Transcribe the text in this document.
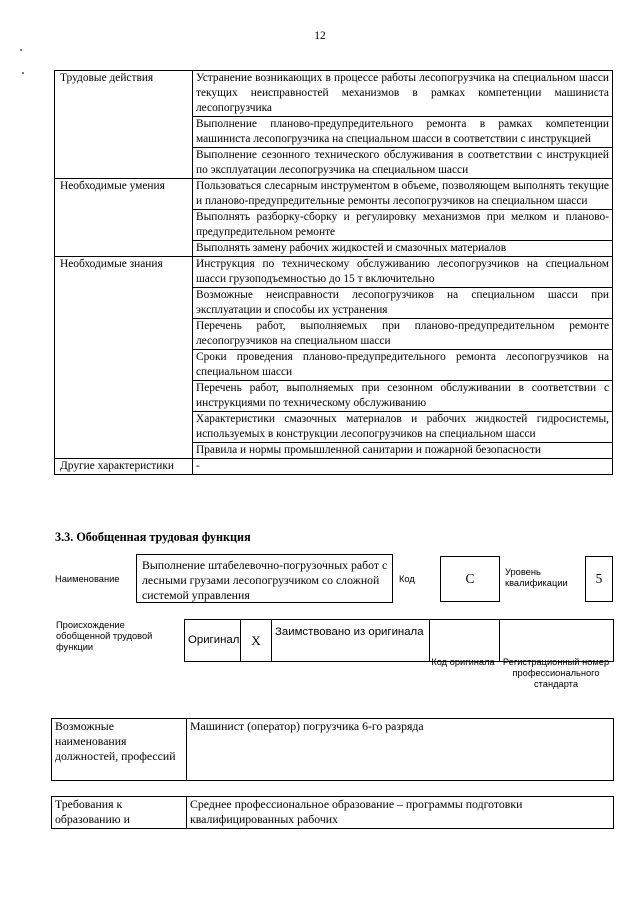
12
Трудовые действия	Устранение возникающих в процессе работы лесопогрузчика на специальном шасси текущих неисправностей механизмов в рамках компетенции машиниста лесопогрузчика
	Выполнение планово-предупредительного ремонта в рамках компетенции машиниста лесопогрузчика на специальном шасси в соответствии с инструкцией
	Выполнение сезонного технического обслуживания в соответствии с инструкцией по эксплуатации лесопогрузчика на специальном шасси
Необходимые умения	Пользоваться слесарным инструментом в объеме, позволяющем выполнять текущие и планово-предупредительные ремонты лесопогрузчиков на специальном шасси
	Выполнять разборку-сборку и регулировку механизмов при мелком и планово-предупредительном ремонте
	Выполнять замену рабочих жидкостей и смазочных материалов
Необходимые знания	Инструкция по техническому обслуживанию лесопогрузчиков на специальном шасси грузоподъемностью до 15 т включительно
	Возможные неисправности лесопогрузчиков на специальном шасси при эксплуатации и способы их устранения
	Перечень работ, выполняемых при планово-предупредительном ремонте лесопогрузчиков на специальном шасси
	Сроки проведения планово-предупредительного ремонта лесопогрузчиков на специальном шасси
	Перечень работ, выполняемых при сезонном обслуживании в соответствии с инструкциями по техническому обслуживанию
	Характеристики смазочных материалов и рабочих жидкостей гидросистемы, используемых в конструкции лесопогрузчиков на специальном шасси
	Правила и нормы промышленной санитарии и пожарной безопасности
Другие характеристики	-
3.3. Обобщенная трудовая функция
Наименование
Выполнение штабелевочно-погрузочных работ с лесными грузами лесопогрузчиком со сложной системой управления
Код	C	Уровень квалификации	5
Происхождение обобщенной трудовой функции
Оригинал	X	Заимствовано из оригинала		
Код оригинала Регистрационный номер профессионального стандарта
Возможные наименования должностей, профессий	Машинист (оператор) погрузчика 6-го разряда
Требования к образованию и	Среднее профессиональное образование – программы подготовки квалифицированных рабочих
